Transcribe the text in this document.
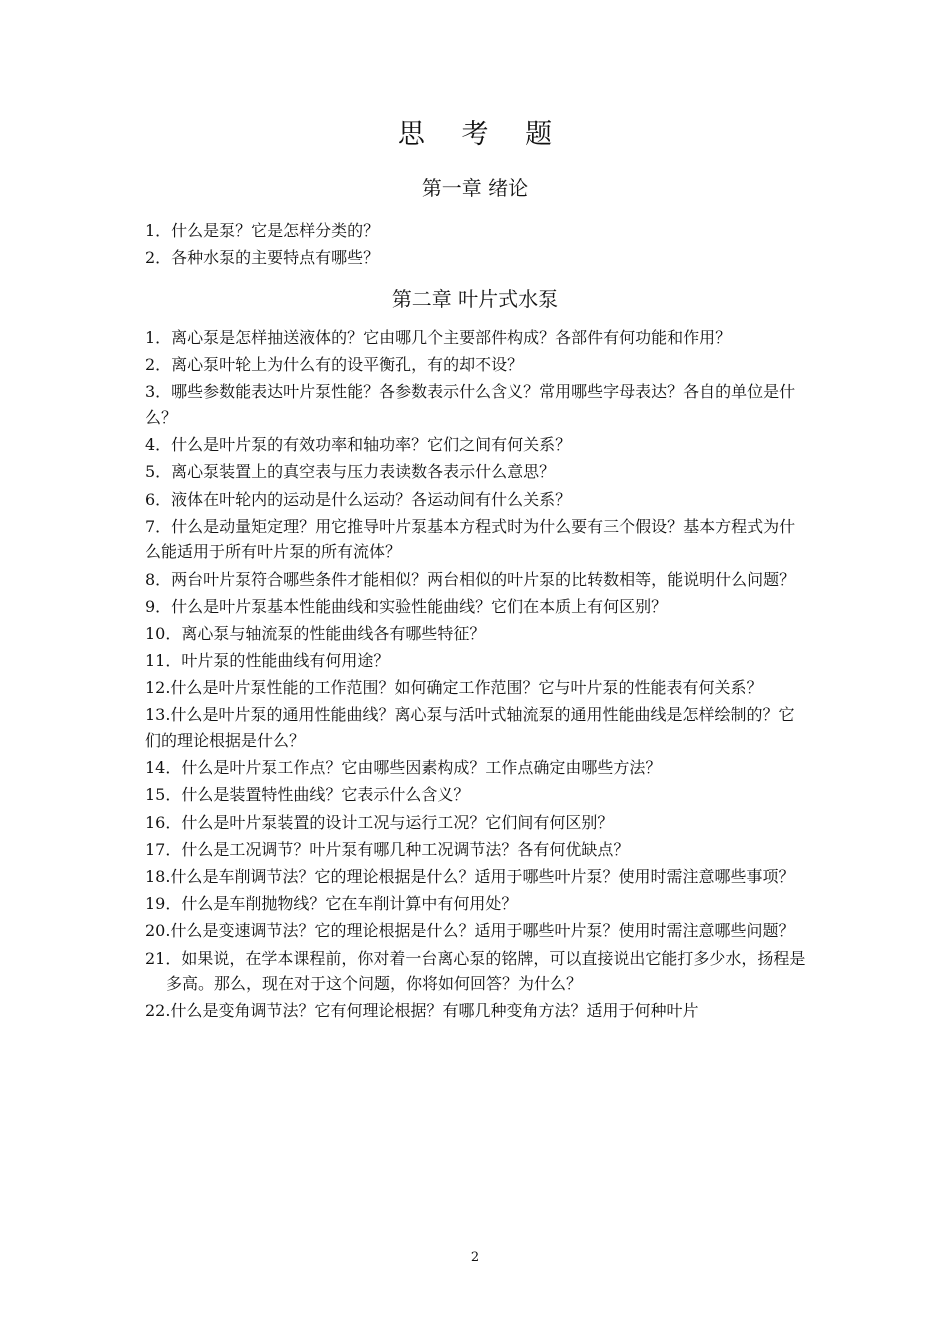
思 考 题
第一章 绪论
1．什么是泵？它是怎样分类的？
2．各种水泵的主要特点有哪些？
第二章 叶片式水泵
1．离心泵是怎样抽送液体的？它由哪几个主要部件构成？各部件有何功能和作用？
2．离心泵叶轮上为什么有的设平衡孔，有的却不设？
3．哪些参数能表达叶片泵性能？各参数表示什么含义？常用哪些字母表达？各自的单位是什么？
4．什么是叶片泵的有效功率和轴功率？它们之间有何关系？
5．离心泵装置上的真空表与压力表读数各表示什么意思？
6．液体在叶轮内的运动是什么运动？各运动间有什么关系？
7．什么是动量矩定理？用它推导叶片泵基本方程式时为什么要有三个假设？基本方程式为什么能适用于所有叶片泵的所有流体？
8．两台叶片泵符合哪些条件才能相似？两台相似的叶片泵的比转数相等，能说明什么问题？
9．什么是叶片泵基本性能曲线和实验性能曲线？它们在本质上有何区别？
10．离心泵与轴流泵的性能曲线各有哪些特征？
11．叶片泵的性能曲线有何用途？
12.什么是叶片泵性能的工作范围？如何确定工作范围？它与叶片泵的性能表有何关系？
13.什么是叶片泵的通用性能曲线？离心泵与活叶式轴流泵的通用性能曲线是怎样绘制的？它们的理论根据是什么？
14．什么是叶片泵工作点？它由哪些因素构成？工作点确定由哪些方法？
15．什么是装置特性曲线？它表示什么含义？
16．什么是叶片泵装置的设计工况与运行工况？它们间有何区别？
17．什么是工况调节？叶片泵有哪几种工况调节法？各有何优缺点？
18.什么是车削调节法？它的理论根据是什么？适用于哪些叶片泵？使用时需注意哪些事项？
19．什么是车削抛物线？它在车削计算中有何用处？
20.什么是变速调节法？它的理论根据是什么？适用于哪些叶片泵？使用时需注意哪些问题？
21．如果说，在学本课程前，你对着一台离心泵的铭牌，可以直接说出它能打多少水，扬程是多高。那么，现在对于这个问题，你将如何回答？为什么？
22.什么是变角调节法？它有何理论根据？有哪几种变角方法？适用于何种叶片
2
